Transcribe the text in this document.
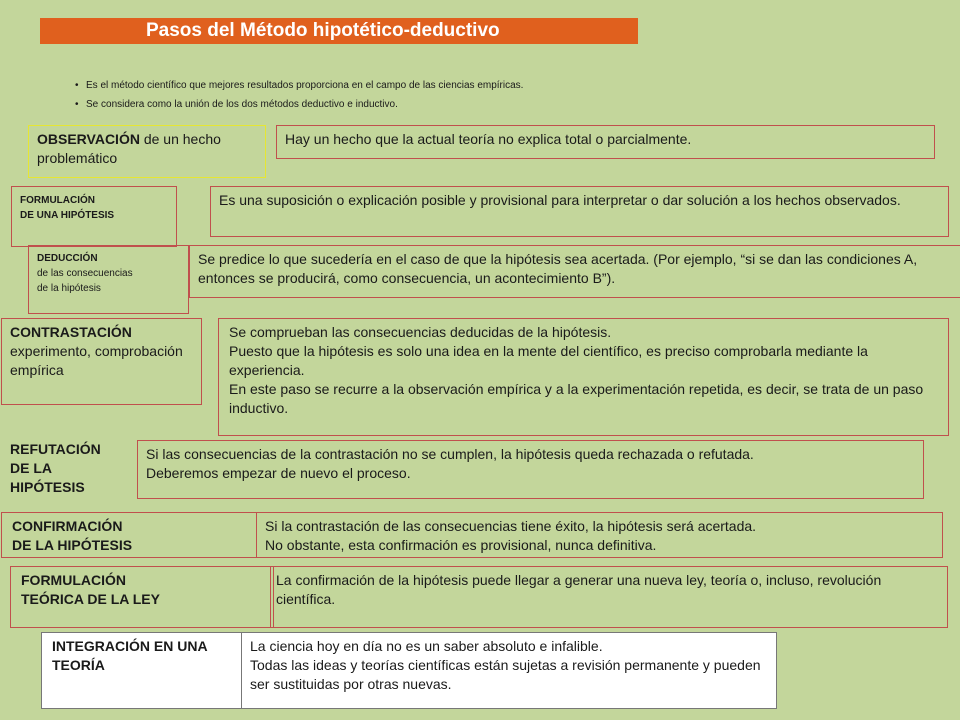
Pasos del Método hipotético-deductivo
• Es el método científico que mejores resultados proporciona en el campo de las ciencias empíricas.
• Se considera como la unión de los dos métodos deductivo e inductivo.
OBSERVACIÓN de un hecho problemático
Hay un hecho que la actual teoría no explica total o parcialmente.
FORMULACIÓN
DE UNA HIPÓTESIS
Es una suposición o explicación posible y provisional para interpretar o dar solución a los hechos observados.
DEDUCCIÓN
de las consecuencias
de la hipótesis
Se predice lo que sucedería en el caso de que la hipótesis sea acertada. (Por ejemplo, “si se dan las condiciones A, entonces se producirá, como consecuencia, un acontecimiento B”).
CONTRASTACIÓN
experimento, comprobación empírica
Se comprueban las consecuencias deducidas de la hipótesis.
Puesto que la hipótesis es solo una idea en la mente del científico, es preciso comprobarla mediante la experiencia.
En este paso se recurre a la observación empírica y a la experimentación repetida, es decir, se trata de un paso inductivo.
REFUTACIÓN
DE LA
HIPÓTESIS
Si las consecuencias de la contrastación no se cumplen, la hipótesis queda rechazada o refutada.
Deberemos empezar de nuevo el proceso.
CONFIRMACIÓN
DE LA HIPÓTESIS
Si la contrastación de las consecuencias tiene éxito, la hipótesis será acertada.
No obstante, esta confirmación es provisional, nunca definitiva.
FORMULACIÓN
TEÓRICA DE LA LEY
La confirmación de la hipótesis puede llegar a generar una nueva ley, teoría o, incluso, revolución científica.
INTEGRACIÓN EN UNA
TEORÍA
La ciencia hoy en día no es un saber absoluto e infalible.
Todas las ideas y teorías científicas están sujetas a revisión permanente y pueden ser sustituidas por otras nuevas.
